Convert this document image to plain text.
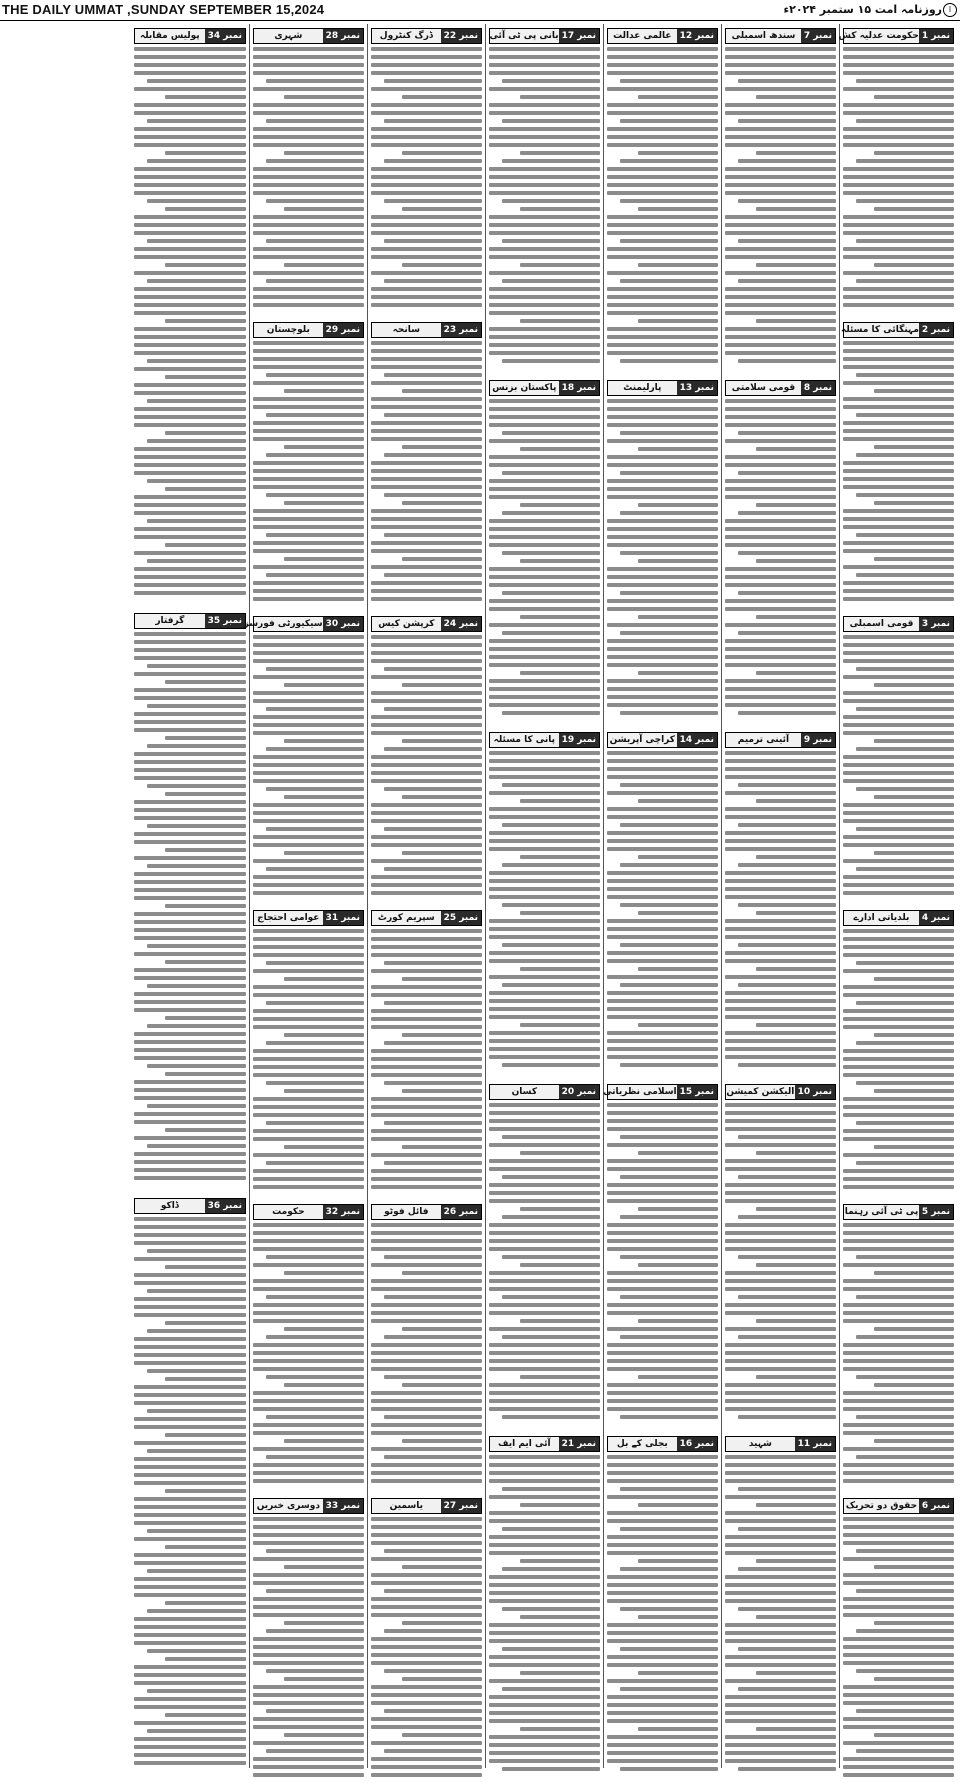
THE DAILY UMMAT ,SUNDAY SEPTEMBER 15,2024	روزنامہ امت ۱۵ ستمبر ۲۰۲۴ء ا
نمبر 1
حکومت عدلیہ کش
نمبر 2
مہنگائی کا مسئلہ
نمبر 3
قومی اسمبلی
نمبر 4
بلدیاتی ادارے
نمبر 5
پی ٹی آئی رہنما
نمبر 6
حقوق دو تحریک
نمبر 7
سندھ اسمبلی
نمبر 8
قومی سلامتی
نمبر 9
آئینی ترمیم
نمبر 10
الیکشن کمیشن
نمبر 11
شہید
نمبر 12
عالمی عدالت
نمبر 13
پارلیمنٹ
نمبر 14
کراچی آپریشن
نمبر 15
اسلامی نظریاتی
نمبر 16
بجلی کے بل
نمبر 17
بانی پی ٹی آئی
نمبر 18
پاکستان بزنس
نمبر 19
پانی کا مسئلہ
نمبر 20
کسان
نمبر 21
آئی ایم ایف
نمبر 22
ڈرگ کنٹرول
نمبر 23
سانحہ
نمبر 24
کرپشن کیس
نمبر 25
سپریم کورٹ
نمبر 26
فائل فوٹو
نمبر 27
یاسمین
نمبر 28
شہری
نمبر 29
بلوچستان
نمبر 30
سیکیورٹی فورسز
نمبر 31
عوامی احتجاج
نمبر 32
حکومت
نمبر 33
دوسری خبریں
نمبر 34
پولیس مقابلہ
نمبر 35
گرفتار
نمبر 36
ڈاکو
